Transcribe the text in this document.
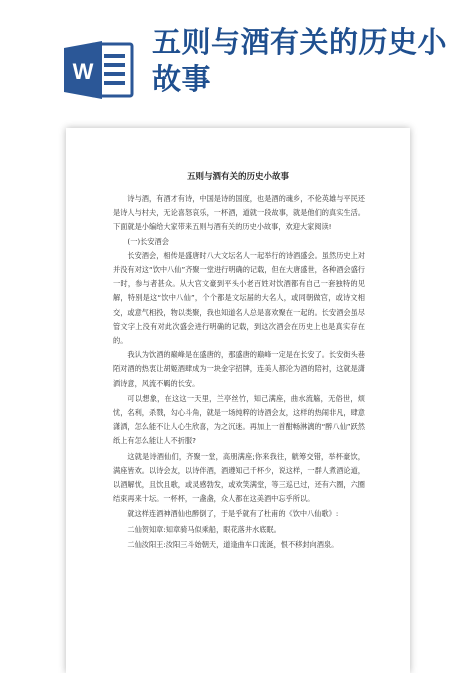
W
五则与酒有关的历史小故事
五则与酒有关的历史小故事

诗与酒，有酒才有诗，中国是诗的国度，也是酒的魂乡，不伦英雄与平民还是诗人与村夫，无论喜怒哀乐，一杯酒，道就一段故事，就是他们的真实生活。下面就是小编给大家带来五则与酒有关的历史小故事，欢迎大家阅读!

(一)长安酒会

长安酒会，相传是盛唐时八大文坛名人一起举行的诗酒盛会。虽然历史上对并没有对这“饮中八仙”齐聚一堂进行明确的记载，但在大唐盛世，各种酒会盛行一时，参与者甚众。从大官文豪到平头小老百姓对饮酒都有自己一套独特的见解，特别是这“饮中八仙”，个个都是文坛届的大名人，或同朝做官，或诗文相交，或意气相投，物以类聚，我也知道名人总是喜欢聚在一起的。长安酒会虽尽管文字上没有对此次盛会进行明确的记载，到这次酒会在历史上也是真实存在的。

我认为饮酒的巅峰是在盛唐的，那盛唐的巅峰一定是在长安了。长安街头巷陌对酒的热衷让胡姬酒肆成为一块金字招牌，连美人都沦为酒的陪衬，这就是潇洒诗意，风流不羁的长安。

可以想象，在这这一天里，兰亭丝竹，知己满座，曲水流觞，无俗世，烦忧，名利，杀戮，勾心斗角，就是一场纯粹的诗酒会友，这样的热闹非凡，肆意潇洒，怎么能不让人心生欣喜，为之沉迷。再加上一首酣畅淋漓的“醉八仙”跃然纸上有怎么能让人不折服?

这就是诗酒仙们，齐聚一堂，高朋满座;你来我往，觥筹交错，举杯豪饮，满座皆欢。以诗会友，以诗伴酒，酒遵知己千杯少，说这样，一群人煮酒论道，以酒解忧，且饮且歌，或灵感勃发，或欢笑满堂，等三巡已过，还有六圈，六圈结束再来十坛。一杯杯，一盏盏，众人都在这美酒中忘乎所以。

就这样连酒神酒仙也醉倒了，于是乎就有了杜甫的《饮中八仙歌》:

二仙贺知章:知章骑马似乘船，眼花落井水底眠。

二仙汝阳王:汝阳三斗始朝天，道逢曲车口流涎，恨不移封向酒泉。
